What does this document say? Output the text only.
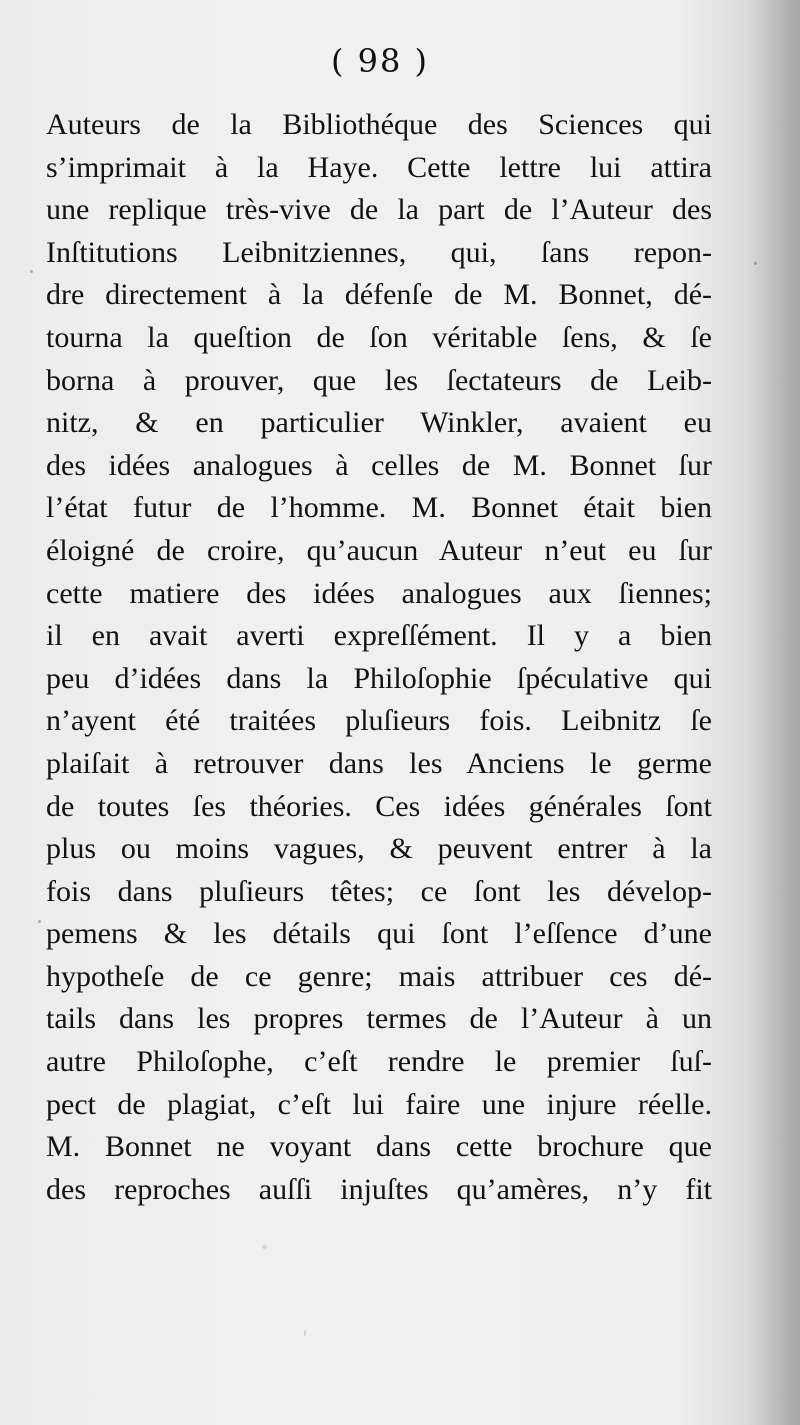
( 98 )
Auteurs de la Bibliothéque des Sciences qui
s’imprimait à la Haye. Cette lettre lui attira
une replique très-vive de la part de l’Auteur des
Inſtitutions Leibnitziennes, qui, ſans repon-
dre directement à la défenſe de M. Bonnet, dé-
tourna la queſtion de ſon véritable ſens, & ſe
borna à prouver, que les ſectateurs de Leib-
nitz, & en particulier Winkler, avaient eu
des idées analogues à celles de M. Bonnet ſur
l’état futur de l’homme. M. Bonnet était bien
éloigné de croire, qu’aucun Auteur n’eut eu ſur
cette matiere des idées analogues aux ſiennes;
il en avait averti expreſſément. Il y a bien
peu d’idées dans la Philoſophie ſpéculative qui
n’ayent été traitées pluſieurs fois. Leibnitz ſe
plaiſait à retrouver dans les Anciens le germe
de toutes ſes théories. Ces idées générales ſont
plus ou moins vagues, & peuvent entrer à la
fois dans pluſieurs têtes; ce ſont les dévelop-
pemens & les détails qui ſont l’eſſence d’une
hypotheſe de ce genre; mais attribuer ces dé-
tails dans les propres termes de l’Auteur à un
autre Philoſophe, c’eſt rendre le premier ſuſ-
pect de plagiat, c’eſt lui faire une injure réelle.
M. Bonnet ne voyant dans cette brochure que
des reproches auſſi injuſtes qu’amères, n’y fit
